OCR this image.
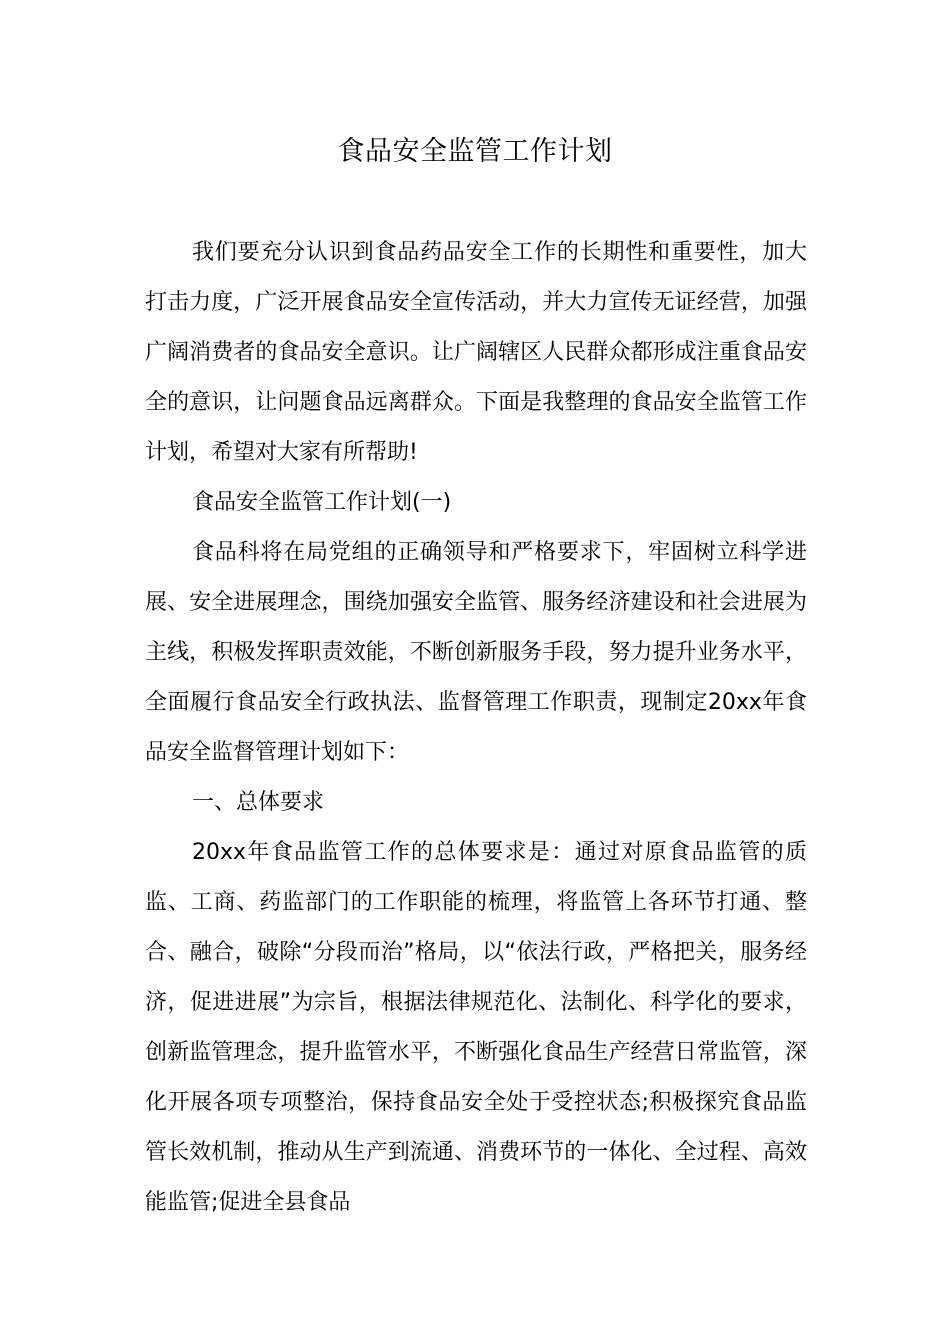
食品安全监管工作计划

我们要充分认识到食品药品安全工作的长期性和重要性，加大打击力度，广泛开展食品安全宣传活动，并大力宣传无证经营，加强广阔消费者的食品安全意识。让广阔辖区人民群众都形成注重食品安全的意识，让问题食品远离群众。下面是我整理的食品安全监管工作计划，希望对大家有所帮助!

食品安全监管工作计划(一)

食品科将在局党组的正确领导和严格要求下，牢固树立科学进展、安全进展理念，围绕加强安全监管、服务经济建设和社会进展为主线，积极发挥职责效能，不断创新服务手段，努力提升业务水平，全面履行食品安全行政执法、监督管理工作职责，现制定20xx年食品安全监督管理计划如下：

一、总体要求

20xx年食品监管工作的总体要求是：通过对原食品监管的质监、工商、药监部门的工作职能的梳理，将监管上各环节打通、整合、融合，破除“分段而治”格局，以“依法行政，严格把关，服务经济，促进进展”为宗旨，根据法律规范化、法制化、科学化的要求，创新监管理念，提升监管水平，不断强化食品生产经营日常监管，深化开展各项专项整治，保持食品安全处于受控状态;积极探究食品监管长效机制，推动从生产到流通、消费环节的一体化、全过程、高效能监管;促进全县食品
